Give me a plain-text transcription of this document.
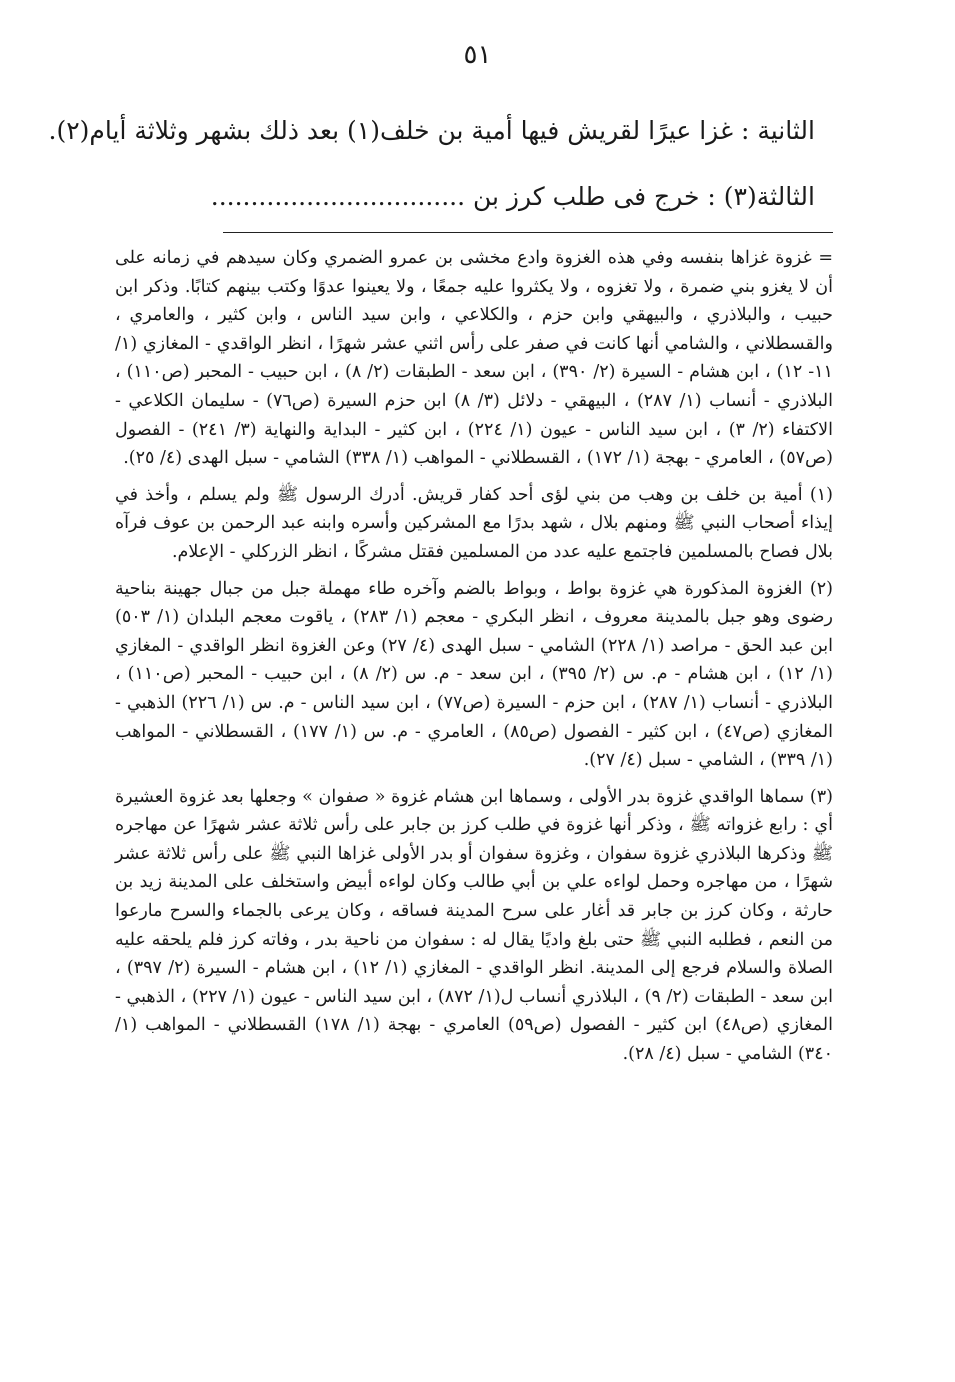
٥١
الثانية : غزا عيرًا لقريش فيها أمية بن خلف(١) بعد ذلك بشهر وثلاثة أيام(٢).
الثالثة(٣) : خرج فى طلب كرز بن ................................

= غزوة غزاها بنفسه وفي هذه الغزوة وادع مخشى بن عمرو الضمري وكان سيدهم في زمانه على أن لا يغزو بني ضمرة ، ولا تغزوه ، ولا يكثروا عليه جمعًا ، ولا يعينوا عدوًا وكتب بينهم كتابًا. وذكر ابن حبيب ، والبلاذري ، والبيهقي وابن حزم ، والكلاعي ، وابن سيد الناس ، وابن كثير ، والعامري ، والقسطلاني ، والشامي أنها كانت في صفر على رأس اثني عشر شهرًا ، انظر الواقدي - المغازي (١/ ١١- ١٢) ، ابن هشام - السيرة (٢/ ٣٩٠) ، ابن سعد - الطبقات (٢/ ٨) ، ابن حبيب - المحبر (ص١١٠) ، البلاذري - أنساب (١/ ٢٨٧) ، البيهقي - دلائل (٣/ ٨) ابن حزم السيرة (ص٧٦) - سليمان الكلاعي - الاكتفاء (٢/ ٣) ، ابن سيد الناس - عيون (١/ ٢٢٤) ، ابن كثير - البداية والنهاية (٣/ ٢٤١) - الفصول (ص٥٧) ، العامري - بهجة (١/ ١٧٢) ، القسطلاني - المواهب (١/ ٣٣٨) الشامي - سبل الهدى (٤/ ٢٥).

(١) أمية بن خلف بن وهب من بني لؤى أحد كفار قريش. أدرك الرسول ﷺ ولم يسلم ، وأخذ في إيذاء أصحاب النبي ﷺ ومنهم بلال ، شهد بدرًا مع المشركين وأسره وابنه عبد الرحمن بن عوف فرآه بلال فصاح بالمسلمين فاجتمع عليه عدد من المسلمين فقتل مشركًا ، انظر الزركلي - الإعلام.

(٢) الغزوة المذكورة هي غزوة بواط ، وبواط بالضم وآخره طاء مهملة جبل من جبال جهينة بناحية رضوى وهو جبل بالمدينة معروف ، انظر البكري - معجم (١/ ٢٨٣) ، ياقوت معجم البلدان (١/ ٥٠٣) ابن عبد الحق - مراصد (١/ ٢٢٨) الشامي - سبل الهدى (٤/ ٢٧) وعن الغزوة انظر الواقدي - المغازي (١/ ١٢) ، ابن هشام - م. س (٢/ ٣٩٥) ، ابن سعد - م. س (٢/ ٨) ، ابن حبيب - المحبر (ص١١٠) ، البلاذري - أنساب (١/ ٢٨٧) ، ابن حزم - السيرة (ص٧٧) ، ابن سيد الناس - م. س (١/ ٢٢٦) الذهبي - المغازي (ص٤٧) ، ابن كثير - الفصول (ص٨٥) ، العامري - م. س (١/ ١٧٧) ، القسطلاني - المواهب (١/ ٣٣٩) ، الشامي - سبل (٤/ ٢٧).

(٣) سماها الواقدي غزوة بدر الأولى ، وسماها ابن هشام غزوة « صفوان » وجعلها بعد غزوة العشيرة أي : رابع غزواته ﷺ ، وذكر أنها غزوة في طلب كرز بن جابر على رأس ثلاثة عشر شهرًا عن مهاجره ﷺ وذكرها البلاذري غزوة سفوان ، وغزوة سفوان أو بدر الأولى غزاها النبي ﷺ على رأس ثلاثة عشر شهرًا ، من مهاجره وحمل لواءه علي بن أبي طالب وكان لواءه أبيض واستخلف على المدينة زيد بن حارثة ، وكان كرز بن جابر قد أغار على سرح المدينة فساقه ، وكان يرعى بالجماء والسرح مارعوا من النعم ، فطلبه النبي ﷺ حتى بلغ واديًا يقال له : سفوان من ناحية بدر ، وفاته كرز فلم يلحقه عليه الصلاة والسلام فرجع إلى المدينة. انظر الواقدي - المغازي (١/ ١٢) ، ابن هشام - السيرة (٢/ ٣٩٧) ، ابن سعد - الطبقات (٢/ ٩) ، البلاذري أنساب ل(١/ ٨٧٢) ، ابن سيد الناس - عيون (١/ ٢٢٧) ، الذهبي - المغازي (ص٤٨) ابن كثير - الفصول (ص٥٩) العامري - بهجة (١/ ١٧٨) القسطلاني - المواهب (١/ ٣٤٠) الشامي - سبل (٤/ ٢٨).
